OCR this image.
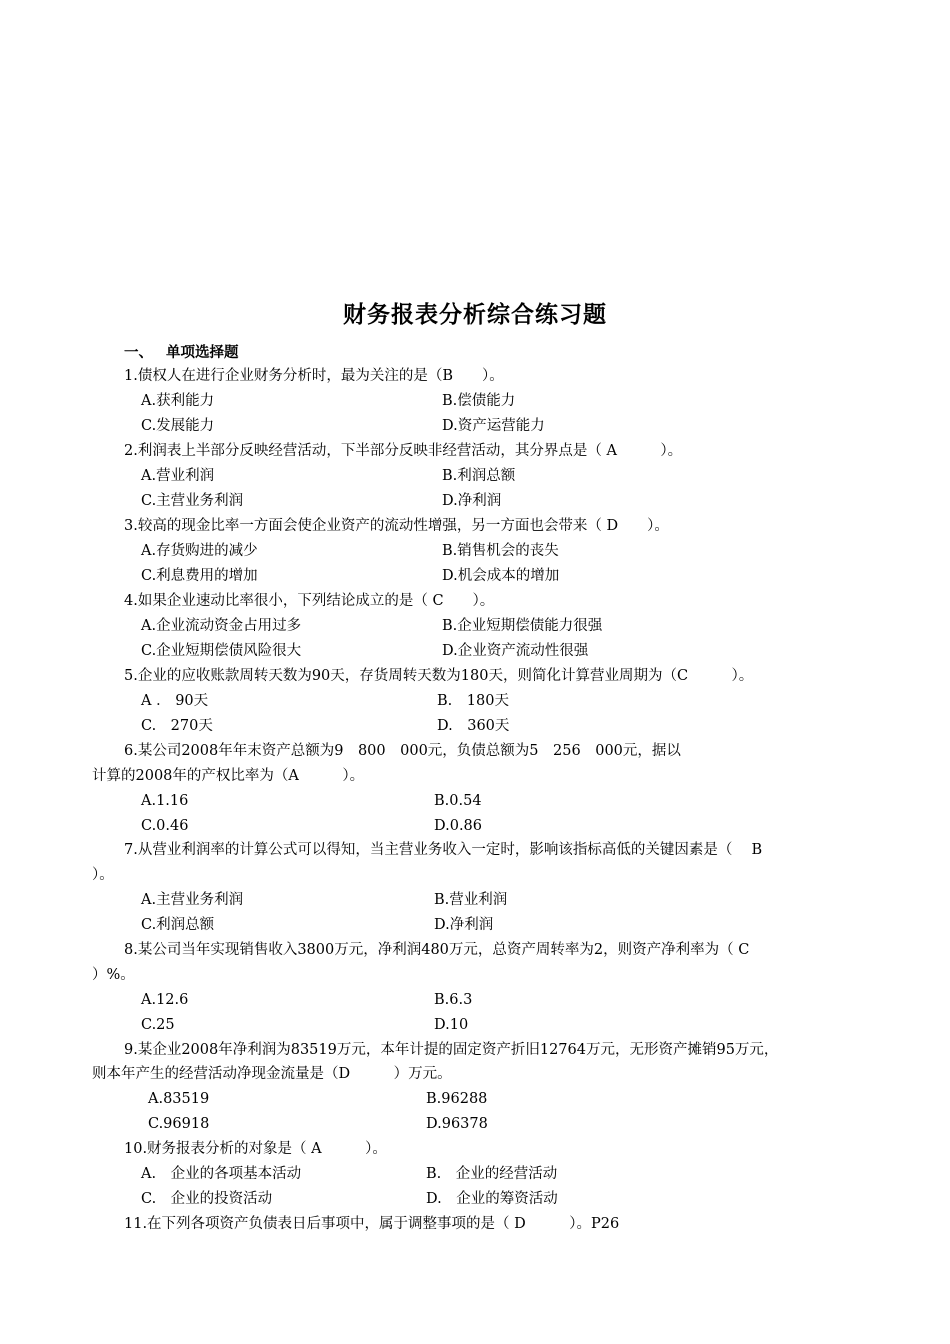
财务报表分析综合练习题
一、 单项选择题
1.债权人在进行企业财务分析时，最为关注的是（B　　）。
A.获利能力	B.偿债能力
C.发展能力	D.资产运营能力
2.利润表上半部分反映经营活动，下半部分反映非经营活动，其分界点是（ A　　　）。
A.营业利润	B.利润总额
C.主营业务利润	D.净利润
3.较高的现金比率一方面会使企业资产的流动性增强，另一方面也会带来（ D　　）。
A.存货购进的减少	B.销售机会的丧失
C.利息费用的增加	D.机会成本的增加
4.如果企业速动比率很小，下列结论成立的是（ C　　）。
A.企业流动资金占用过多	B.企业短期偿债能力很强
C.企业短期偿债风险很大	D.企业资产流动性很强
5.企业的应收账款周转天数为90天，存货周转天数为180天，则简化计算营业周期为（C　　　）。
A ． 90天	B.　180天
C.　270天	D.　360天
6.某公司2008年年末资产总额为9　800　000元，负债总额为5　256　000元，据以
计算的2008年的产权比率为（A　　　）。
A.1.16	B.0.54
C.0.46	D.0.86
7.从营业利润率的计算公式可以得知，当主营业务收入一定时，影响该指标高低的关键因素是（　 B
）。
A.主营业务利润	B.营业利润
C.利润总额	D.净利润
8.某公司当年实现销售收入3800万元，净利润480万元，总资产周转率为2，则资产净利率为（ C
）%。
A.12.6	B.6.3
C.25	D.10
9.某企业2008年净利润为83519万元，本年计提的固定资产折旧12764万元，无形资产摊销95万元，
则本年产生的经营活动净现金流量是（D　　　）万元。
A.83519	B.96288
C.96918	D.96378
10.财务报表分析的对象是（ A　　　）。
A.　企业的各项基本活动	B.　企业的经营活动
C.　企业的投资活动	D.　企业的筹资活动
11.在下列各项资产负债表日后事项中，属于调整事项的是（ D　　　）。P26
